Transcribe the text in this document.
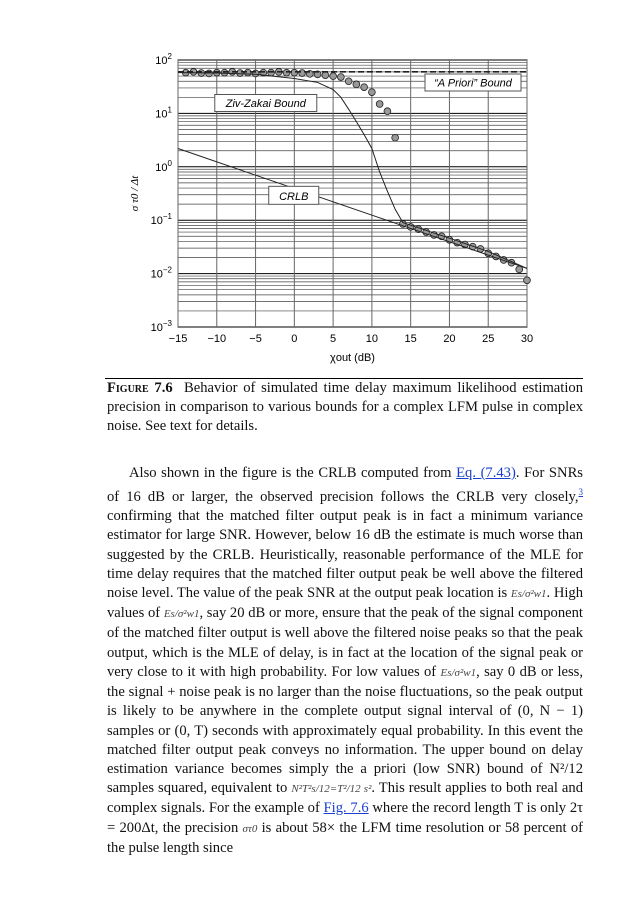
−15 −10 −5	0	5	10 15 20 25 30
$10^2$
$10^1$
$10^0$
$10^{-1}$
$10^{-2}$
$10^{-3}$
χout (dB)
σ τ0 / Δt
“A Priori” Bound
Ziv-Zakai Bound
CRLB
Figure 7.6 Behavior of simulated time delay maximum likelihood estimation precision in comparison to various bounds for a complex LFM pulse in complex noise. See text for details.
Also shown in the figure is the CRLB computed from Eq. (7.43). For SNRs of 16 dB or larger, the observed precision follows the CRLB very closely,$^3$ confirming that the matched filter output peak is in fact a minimum variance estimator for large SNR. However, below 16 dB the estimate is much worse than suggested by the CRLB. Heuristically, reasonable performance of the MLE for time delay requires that the matched filter output peak be well above the filtered noise level. The value of the peak SNR at the output peak location is Es/σ²w1. High values of Es/σ²w1, say 20 dB or more, ensure that the peak of the signal component of the matched filter output is well above the filtered noise peaks so that the peak output, which is the MLE of delay, is in fact at the location of the signal peak or very close to it with high probability. For low values of Es/σ²w1, say 0 dB or less, the signal + noise peak is no larger than the noise fluctuations, so the peak output is likely to be anywhere in the complete output signal interval of (0, N − 1) samples or (0, T) seconds with approximately equal probability. In this event the matched filter output peak conveys no information. The upper bound on delay estimation variance becomes simply the a priori (low SNR) bound of N²/12 samples squared, equivalent to N²T²s/12=T²/12 s². This result applies to both real and complex signals. For the example of Fig. 7.6 where the record length T is only 2τ = 200Δt, the precision στ0 is about 58× the LFM time resolution or 58 percent of the pulse length since
